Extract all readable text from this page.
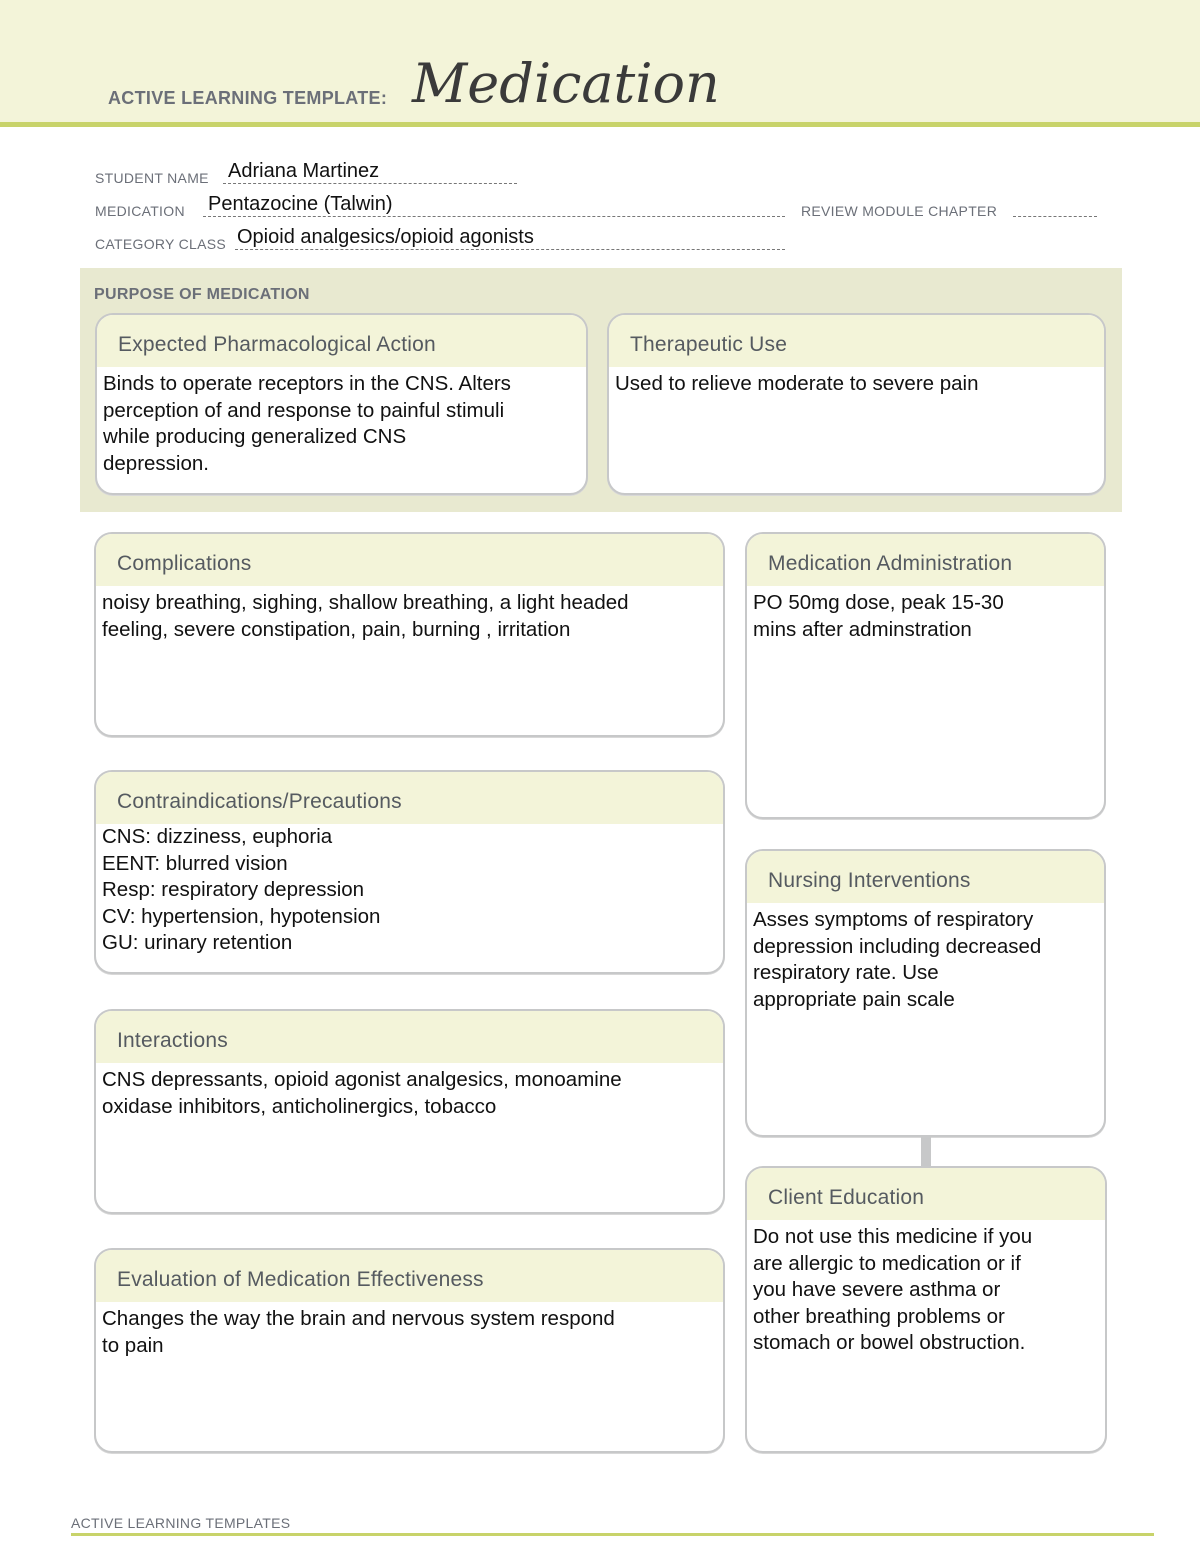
ACTIVE LEARNING TEMPLATE: Medication
STUDENT NAME Adriana Martinez
MEDICATION Pentazocine (Talwin)	REVIEW MODULE CHAPTER
CATEGORY CLASS Opioid analgesics/opioid agonists
PURPOSE OF MEDICATION
Expected Pharmacological Action
Binds to operate receptors in the CNS. Alters
perception of and response to painful stimuli
while producing generalized CNS
depression.
Therapeutic Use
Used to relieve moderate to severe pain
Complications
noisy breathing, sighing, shallow breathing, a light headed
feeling, severe constipation, pain, burning , irritation
Contraindications/Precautions
CNS: dizziness, euphoria
EENT: blurred vision
Resp: respiratory depression
CV: hypertension, hypotension
GU: urinary retention
Interactions
CNS depressants, opioid agonist analgesics, monoamine
oxidase inhibitors, anticholinergics, tobacco
Evaluation of Medication Effectiveness
Changes the way the brain and nervous system respond
to pain
Medication Administration
PO 50mg dose, peak 15-30
mins after adminstration
Nursing Interventions
Asses symptoms of respiratory
depression including decreased
respiratory rate. Use
appropriate pain scale
Client Education
Do not use this medicine if you
are allergic to medication or if
you have severe asthma or
other breathing problems or
stomach or bowel obstruction.
ACTIVE LEARNING TEMPLATES
